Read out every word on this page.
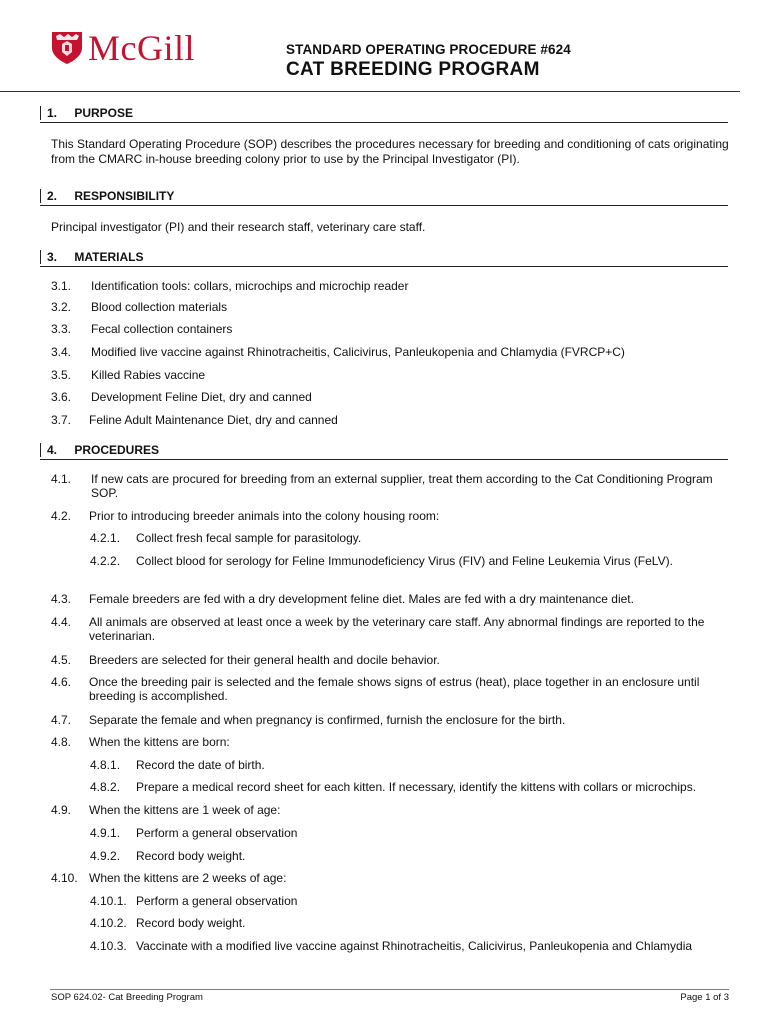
McGill	STANDARD OPERATING PROCEDURE #624
CAT BREEDING PROGRAM
1. PURPOSE
This Standard Operating Procedure (SOP) describes the procedures necessary for breeding and conditioning of cats originating from the CMARC in-house breeding colony prior to use by the Principal Investigator (PI).
2. RESPONSIBILITY
Principal investigator (PI) and their research staff, veterinary care staff.
3. MATERIALS
3.1.	Identification tools: collars, microchips and microchip reader
3.2.	Blood collection materials
3.3.	Fecal collection containers
3.4.	Modified live vaccine against Rhinotracheitis, Calicivirus, Panleukopenia and Chlamydia (FVRCP+C)
3.5.	Killed Rabies vaccine
3.6.	Development Feline Diet, dry and canned
3.7.	Feline Adult Maintenance Diet, dry and canned
4. PROCEDURES
4.1.	If new cats are procured for breeding from an external supplier, treat them according to the Cat Conditioning Program SOP.
4.2.	Prior to introducing breeder animals into the colony housing room:
4.2.1.	Collect fresh fecal sample for parasitology.
4.2.2.	Collect blood for serology for Feline Immunodeficiency Virus (FIV) and Feline Leukemia Virus (FeLV).
4.3.	Female breeders are fed with a dry development feline diet. Males are fed with a dry maintenance diet.
4.4.	All animals are observed at least once a week by the veterinary care staff. Any abnormal findings are reported to the veterinarian.
4.5.	Breeders are selected for their general health and docile behavior.
4.6.	Once the breeding pair is selected and the female shows signs of estrus (heat), place together in an enclosure until breeding is accomplished.
4.7.	Separate the female and when pregnancy is confirmed, furnish the enclosure for the birth.
4.8.	When the kittens are born:
4.8.1.	Record the date of birth.
4.8.2.	Prepare a medical record sheet for each kitten. If necessary, identify the kittens with collars or microchips.
4.9.	When the kittens are 1 week of age:
4.9.1.	Perform a general observation
4.9.2.	Record body weight.
4.10. When the kittens are 2 weeks of age:
4.10.1. Perform a general observation
4.10.2. Record body weight.
4.10.3. Vaccinate with a modified live vaccine against Rhinotracheitis, Calicivirus, Panleukopenia and Chlamydia
SOP 624.02- Cat Breeding Program	Page 1 of 3
